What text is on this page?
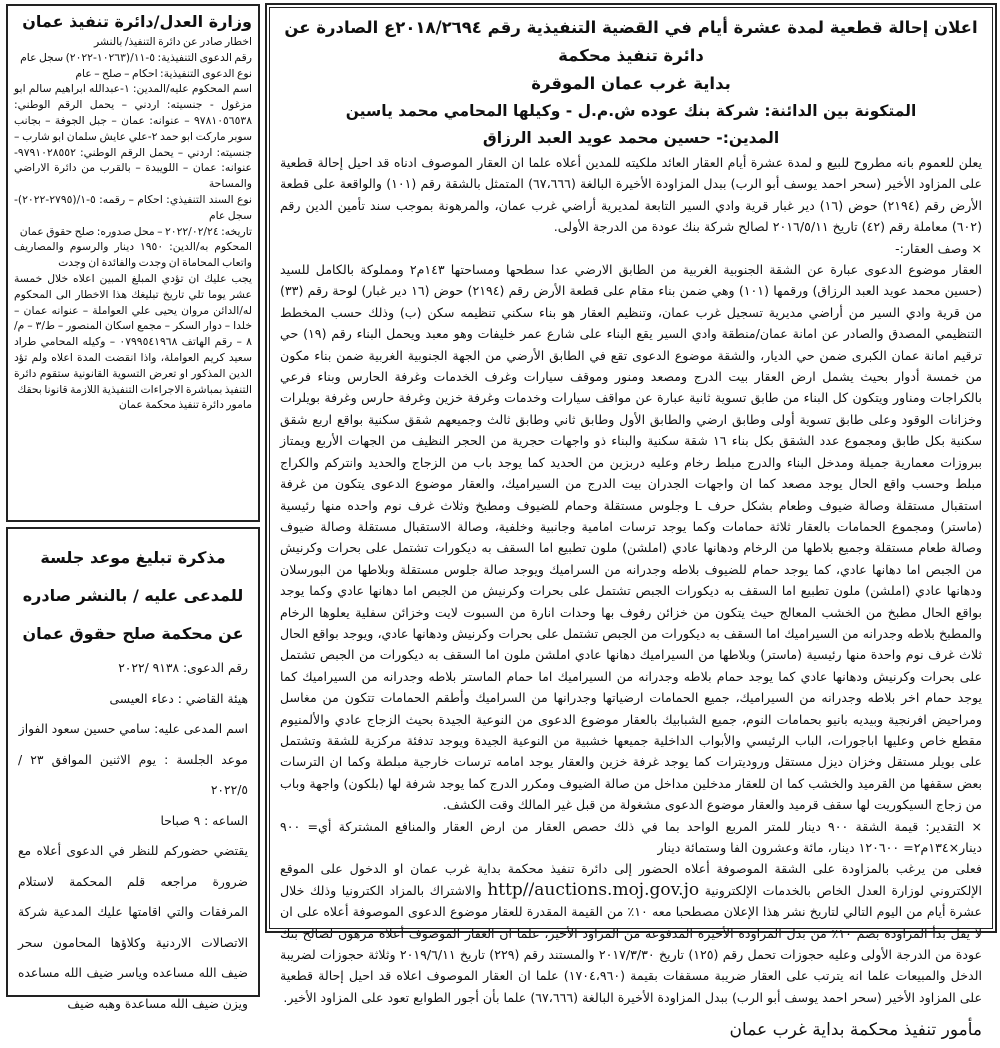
وزارة العدل/دائرة تنفيذ عمان

اخطار صادر عن دائرة التنفيذ/ بالنشر

رقم الدعوى التنفيذية: ٥-١١/(١٠٢٦٣-٢٠٢٢) سجل عام

نوع الدعوى التنفيذية: احكام – صلح – عام

اسم المحكوم عليه/المدين: ١-عبدالله ابراهيم سالم ابو مزغول - جنسيته: اردني – يحمل الرقم الوطني: ٩٧٨١٠٥٦٥٣٨ – عنوانه: عمان – جبل الجوفة – بجانب سوبر ماركت ابو حمد ٢-علي عايش سلمان ابو شارب – جنسيته: اردني – يحمل الرقم الوطني: ٩٧٩١٠٢٨٥٥٢- عنوانه: عمان – اللويبدة – بالقرب من دائرة الاراضي والمساحة

نوع السند التنفيذي: احكام – رقمه: ٥-١/(٢٧٩٥-٢٠٢٢)-سجل عام

تاريخه: ٢٠٢٢/٠٢/٢٤ – محل صدوره: صلح حقوق عمان

المحكوم به/الدين: ١٩٥٠ دينار والرسوم والمصاريف واتعاب المحاماة ان وجدت والفائدة ان وجدت

يجب عليك ان تؤدي المبلغ المبين اعلاه خلال خمسة عشر يوما تلي تاريخ تبليغك هذا الاخطار الى المحكوم له/الدائن مروان يحيى علي العواملة – عنوانه عمان – خلدا – دوار السكر – مجمع اسكان المنصور – ط/٣ – م/٨ – رقم الهاتف ٠٧٩٩٥٤١٩٦٨ – وكيله المحامي طراد سعيد كريم العواملة، واذا انقضت المدة اعلاه ولم تؤد الدين المذكور او تعرض التسوية القانونية ستقوم دائرة التنفيذ بمباشرة الاجراءات التنفيذية اللازمة قانونا بحقك

مامور دائرة تنفيذ محكمة عمان

مذكرة تبليغ موعد جلسة

للمدعى عليه / بالنشر صادره

عن محكمة صلح حقوق عمان

رقم الدعوى: ٩١٣٨ /٢٠٢٢

هيئة القاضي : دعاء العيسى

اسم المدعى عليه: سامي حسين سعود الفواز

موعد الجلسة : يوم الاثنين الموافق ٢٣ /٢٠٢٢/٥

الساعه : ٩ صباحا

يقتضي حضوركم للنظر في الدعوى أعلاه مع ضرورة مراجعه قلم المحكمة لاستلام المرفقات والتي اقامتها عليك المدعية شركة الاتصالات الاردنية وكلاؤها المحامون سحر ضيف الله مساعده وياسر ضيف الله مساعده ويزن ضيف الله مساعدة وهبه ضيف

اعلان إحالة قطعية لمدة عشرة أيام في القضية التنفيذية رقم ٢٠١٨/٢٦٩٤ع الصادرة عن دائرة تنفيذ محكمة

بداية غرب عمان الموقرة

المتكونة بين الدائنة: شركة بنك عوده ش.م.ل - وكيلها المحامي محمد ياسين

المدين:- حسين محمد عويد العبد الرزاق

يعلن للعموم بانه مطروح للبيع و لمدة عشرة أيام العقار العائد ملكيته للمدين أعلاه علما ان العقار الموصوف ادناه قد احيل إحالة قطعية على المزاود الأخير (سحر احمد يوسف أبو الرب) ببدل المزاودة الأخيرة البالغة (٦٧،٦٦٦) المتمثل بالشقة رقم (١٠١) والواقعة على قطعة الأرض رقم (٢١٩٤) حوض (١٦) دير غبار قرية وادي السير التابعة لمديرية أراضي غرب عمان، والمرهونة بموجب سند تأمين الدين رقم (٦٠٢) معاملة رقم (٤٢) تاريخ ٢٠١٦/٥/١١ لصالح شركة بنك عودة من الدرجة الأولى.

× وصف العقار:-

العقار موضوع الدعوى عبارة عن الشقة الجنوبية الغربية من الطابق الارضي عدا سطحها ومساحتها ١٤٣م٢ ومملوكة بالكامل للسيد (حسين محمد عويد العبد الرزاق) ورقمها (١٠١) وهي ضمن بناء مقام على قطعة الأرض رقم (٢١٩٤) حوض (١٦ دير غبار) لوحة رقم (٣٣) من قرية وادي السير من أراضي مديرية تسجيل غرب عمان، وتنظيم العقار هو بناء سكني تنظيمه سكن (ب) وذلك حسب المخطط التنظيمي المصدق والصادر عن امانة عمان/منطقة وادي السير يقع البناء على شارع عمر خليفات وهو معبد ويحمل البناء رقم (١٩) حي ترقيم امانة عمان الكبرى ضمن حي الديار، والشقة موضوع الدعوى تقع في الطابق الأرضي من الجهة الجنوبية الغربية ضمن بناء مكون من خمسة أدوار بحيث يشمل ارض العقار بيت الدرج ومصعد ومنور وموقف سيارات وغرف الخدمات وغرفة الحارس وبناء فرعي بالكراجات ومناور ويتكون كل البناء من طابق تسوية ثانية عبارة عن مواقف سيارات وخدمات وغرفة خزين وغرفة حارس وغرفة بويلرات وخزانات الوقود وعلى طابق تسوية أولى وطابق ارضي والطابق الأول وطابق ثاني وطابق ثالث وجميعهم شقق سكنية بواقع اربع شقق سكنية بكل طابق ومجموع عدد الشقق بكل بناء ١٦ شقة سكنية والبناء ذو واجهات حجرية من الحجر النظيف من الجهات الأربع ويمتاز ببروزات معمارية جميلة ومدخل البناء والدرج مبلط رخام وعليه دربزين من الحديد كما يوجد باب من الزجاج والحديد وانتركم والكراج مبلط وحسب واقع الحال يوجد مصعد كما ان واجهات الجدران بيت الدرج من السيراميك، والعقار موضوع الدعوى يتكون من غرفة استقبال مستقلة وصالة ضيوف وطعام بشكل حرف L وجلوس مستقلة وحمام للضيوف ومطبخ وثلاث غرف نوم واحده منها رئيسية (ماستر) ومجموع الحمامات بالعقار ثلاثة حمامات وكما يوجد ترسات امامية وجانبية وخلفية، وصالة الاستقبال مستقلة وصالة ضيوف وصالة طعام مستقلة وجميع بلاطها من الرخام ودهانها عادي (املشن) ملون تطبيع اما السقف به ديكورات تشتمل على بحرات وكرنيش من الجبص اما دهانها عادي، كما يوجد حمام للضيوف بلاطه وجدرانه من السراميك ويوجد صالة جلوس مستقلة وبلاطها من البورسلان ودهانها عادي (املشن) ملون تطبيع اما السقف به ديكورات الجبص تشتمل على بحرات وكرنيش من الجبص اما دهانها عادي وكما يوجد بواقع الحال مطبخ من الخشب المعالج حيث يتكون من خزائن رفوف بها وحدات انارة من السبوت لايت وخزائن سفلية يعلوها الرخام والمطبخ بلاطه وجدرانه من السيراميك اما السقف به ديكورات من الجبص تشتمل على بحرات وكرنيش ودهانها عادي، ويوجد بواقع الحال ثلاث غرف نوم واحدة منها رئيسية (ماستر) وبلاطها من السيراميك دهانها عادي املشن ملون اما السقف به ديكورات من الجبص تشتمل على بحرات وكرنيش ودهانها عادي كما يوجد حمام بلاطه وجدرانه من السيراميك اما حمام الماستر بلاطه وجدرانه من السيراميك كما يوجد حمام اخر بلاطه وجدرانه من السيراميك، جميع الحمامات ارضياتها وجدرانها من السراميك وأطقم الحمامات تتكون من مغاسل ومراحيض افرنجية وبيديه بانيو بحمامات النوم، جميع الشبابيك بالعقار موضوع الدعوى من النوعية الجيدة بحيث الزجاج عادي والألمنيوم مقطع خاص وعليها اباجورات، الباب الرئيسي والأبواب الداخلية جميعها خشبية من النوعية الجيدة ويوجد تدفئة مركزية للشقة وتشتمل على بويلر مستقل وخزان ديزل مستقل وروديترات كما يوجد غرفة خزين والعقار يوجد امامه ترسات خارجية مبلطة وكما ان الترسات بعض سقفها من القرميد والخشب كما ان للعقار مدخلين مداخل من صالة الضيوف ومكرر الدرج كما يوجد شرفة لها (بلكون) واجهة وباب من زجاج السيكوريت لها سقف قرميد والعقار موضوع الدعوى مشغولة من قبل غير المالك وقت الكشف.

× التقدير: قيمة الشقة ٩٠٠ دينار للمتر المربع الواحد بما في ذلك حصص العقار من ارض العقار والمنافع المشتركة أي= ٩٠٠ دينار×١٣٤م٢= ١٢٠٦٠٠ دينار، مائة وعشرون الفا وستمائة دينار

فعلى من يرغب بالمزاودة على الشقة الموصوفة أعلاه الحضور إلى دائرة تنفيذ محكمة بداية غرب عمان او الدخول على الموقع الإلكتروني لوزارة العدل الخاص بالخدمات الإلكترونية http//auctions.moj.gov.jo والاشتراك بالمزاد الكترونيا وذلك خلال عشرة أيام من اليوم التالي لتاريخ نشر هذا الإعلان مصطحبا معه ١٠٪ من القيمة المقدرة للعقار موضوع الدعوى الموصوفة أعلاه على ان لا يقل بدأ المزاودة بضم ١٠٪ من بدل المزاودة الأخيرة المدفوعة من المزاود الأخير، علما ان العقار الموصوف أعلاه مرهون لصالح بنك عودة من الدرجة الأولى وعليه حجوزات تحمل رقم (١٢٥) تاريخ ٢٠١٧/٣/٣٠ والمستند رقم (٢٢٩) تاريخ ٢٠١٩/٦/١١ وثلاثة حجوزات لضريبة الدخل والمبيعات علما انه يترتب على العقار ضريبة مسقفات بقيمة (١٧٠٤،٩٦٠) علما ان العقار الموصوف اعلاه قد احيل إحالة قطعية على المزاود الأخير (سحر احمد يوسف أبو الرب) ببدل المزاودة الأخيرة البالغة (٦٧،٦٦٦) علما بأن أجور الطوابع تعود على المزاود الأخير.

مأمور تنفيذ محكمة بداية غرب عمان
